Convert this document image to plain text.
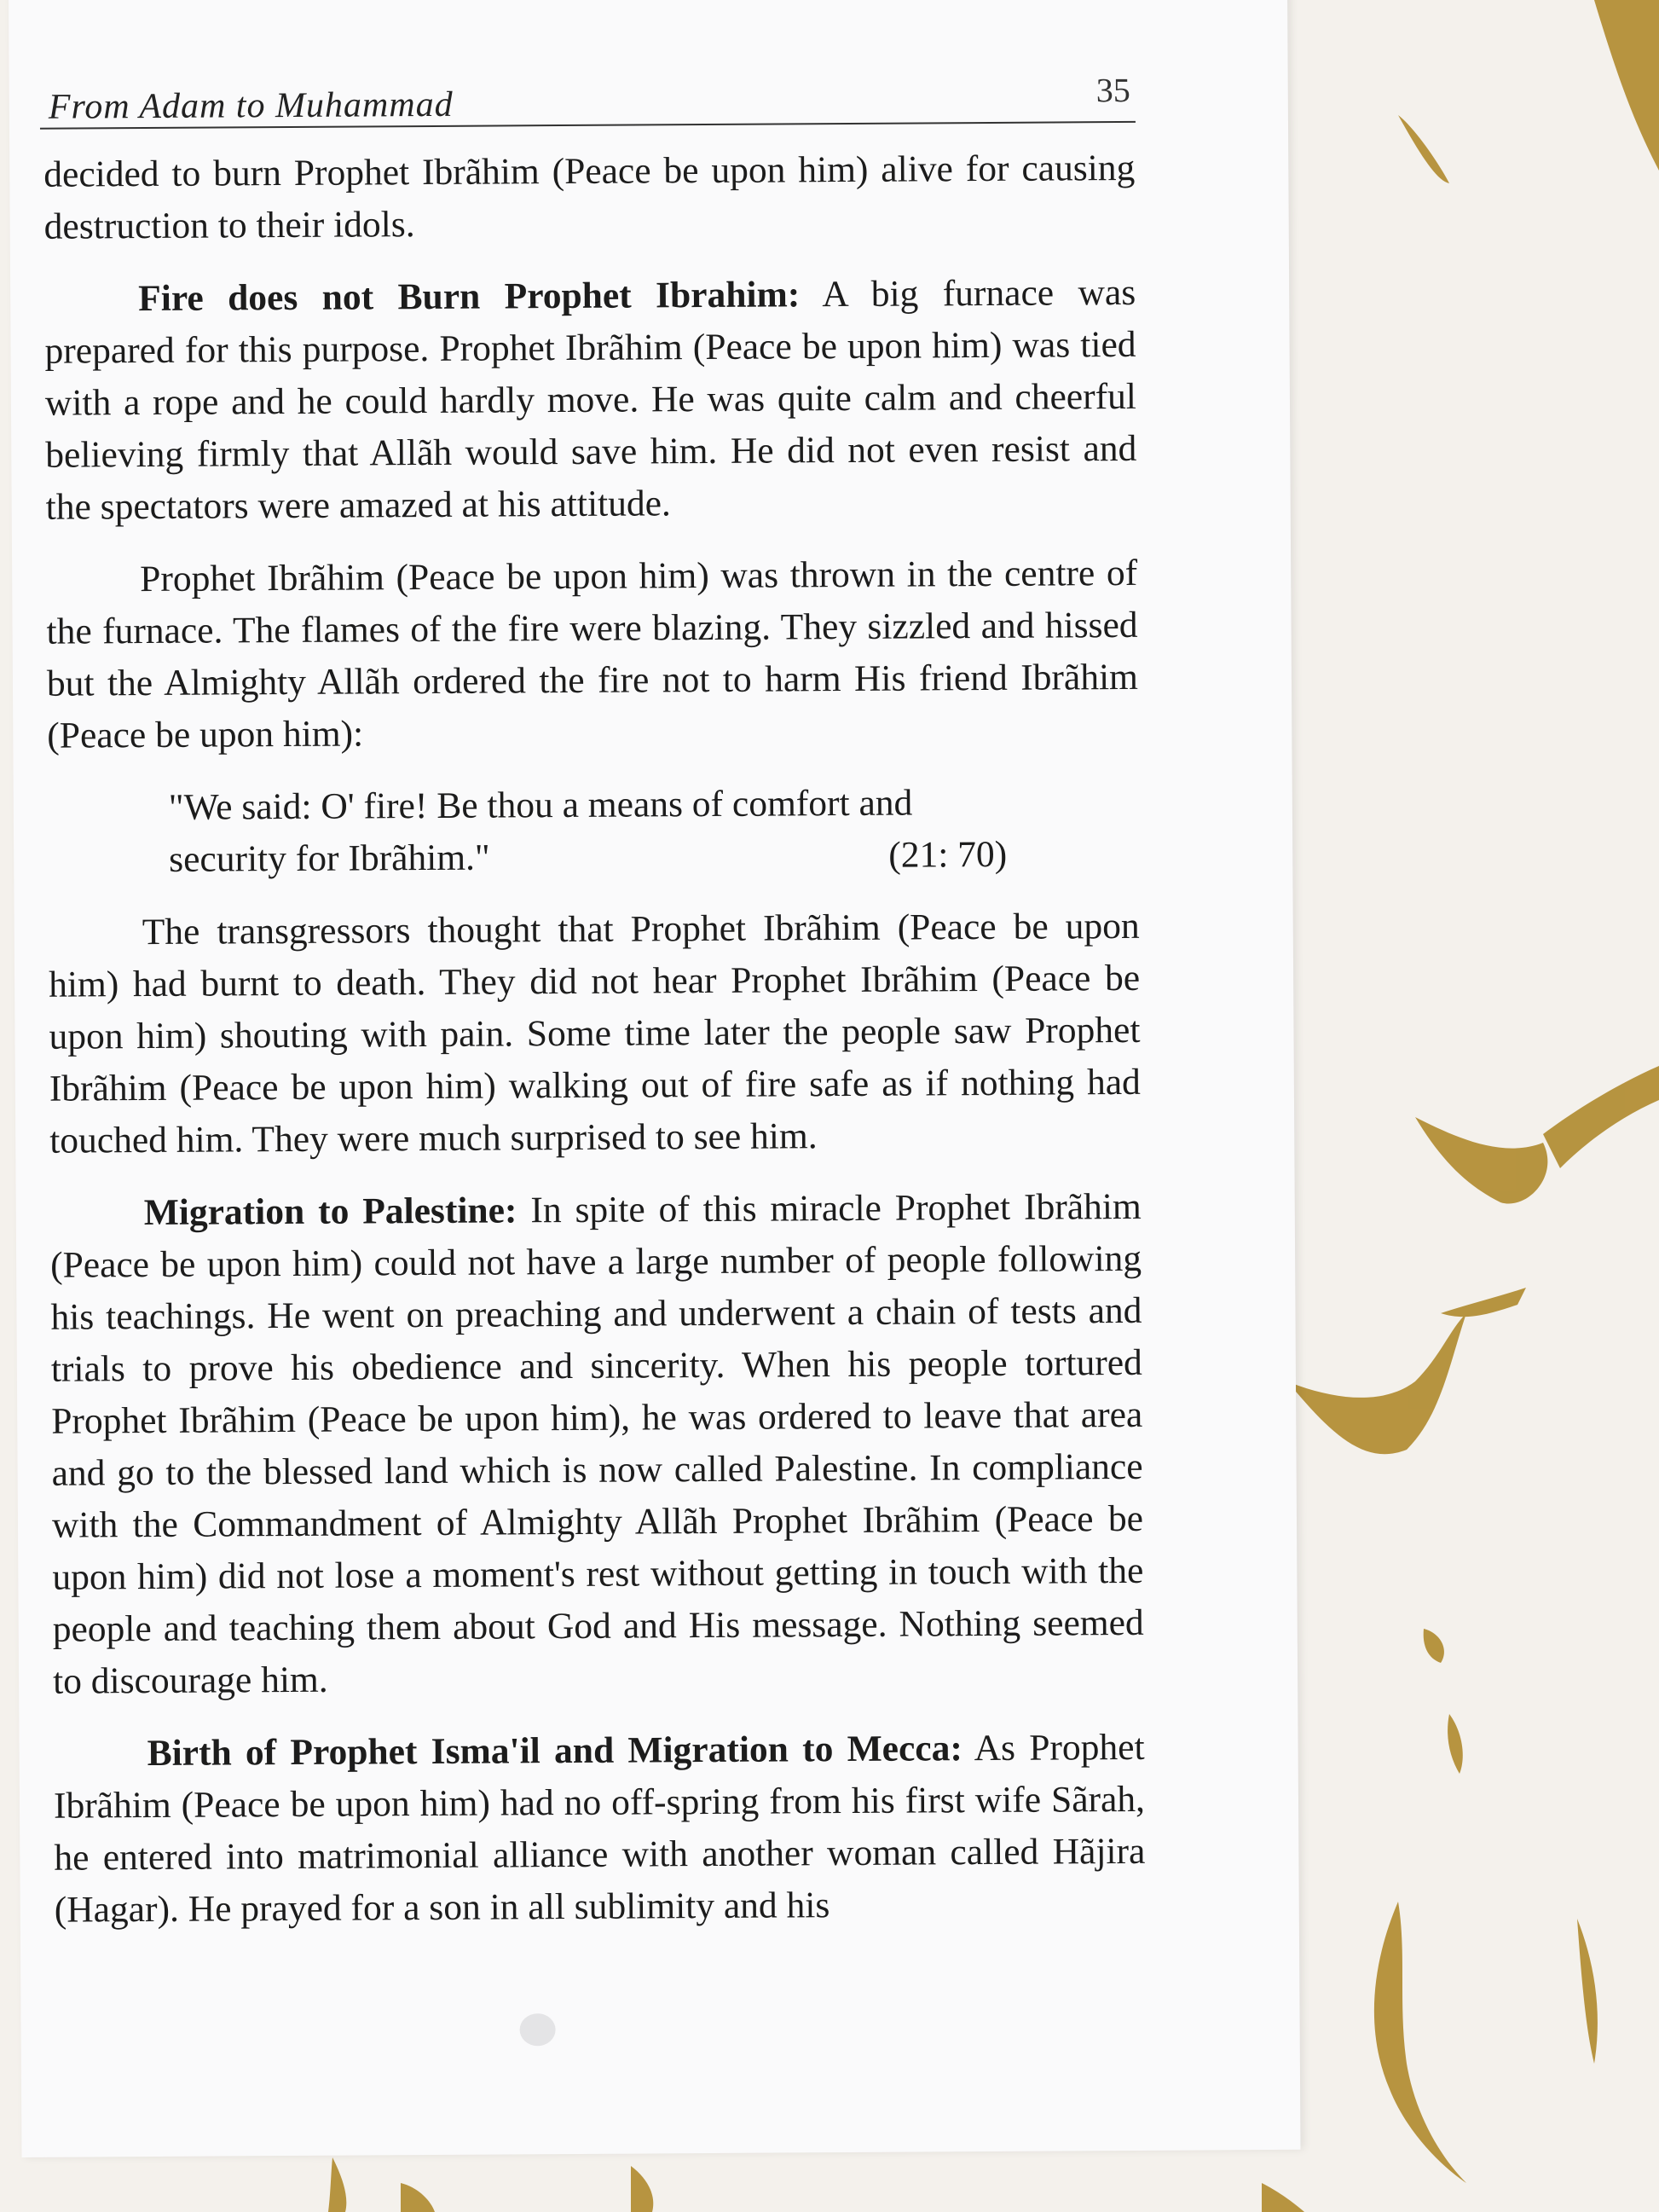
From Adam to Muhammad	35

decided to burn Prophet Ibrãhim (Peace be upon him) alive for causing destruction to their idols.

Fire does not Burn Prophet Ibrahim: A big furnace was prepared for this purpose. Prophet Ibrãhim (Peace be upon him) was tied with a rope and he could hardly move. He was quite calm and cheerful believing firmly that Allãh would save him. He did not even resist and the spectators were amazed at his attitude.

Prophet Ibrãhim (Peace be upon him) was thrown in the centre of the furnace. The flames of the fire were blazing. They sizzled and hissed but the Almighty Allãh ordered the fire not to harm His friend Ibrãhim (Peace be upon him):

"We said: O' fire! Be thou a means of comfort and
security for Ibrãhim."	(21: 70)

The transgressors thought that Prophet Ibrãhim (Peace be upon him) had burnt to death. They did not hear Prophet Ibrãhim (Peace be upon him) shouting with pain. Some time later the people saw Prophet Ibrãhim (Peace be upon him) walking out of fire safe as if nothing had touched him. They were much surprised to see him.

Migration to Palestine: In spite of this miracle Prophet Ibrãhim (Peace be upon him) could not have a large number of people following his teachings. He went on preaching and underwent a chain of tests and trials to prove his obedience and sincerity. When his people tortured Prophet Ibrãhim (Peace be upon him), he was ordered to leave that area and go to the blessed land which is now called Palestine. In compliance with the Commandment of Almighty Allãh Prophet Ibrãhim (Peace be upon him) did not lose a moment's rest without getting in touch with the people and teaching them about God and His message. Nothing seemed to discourage him.

Birth of Prophet Isma'il and Migration to Mecca: As Prophet Ibrãhim (Peace be upon him) had no off-spring from his first wife Sãrah, he entered into matrimonial alliance with another woman called Hãjira (Hagar). He prayed for a son in all sublimity and his
